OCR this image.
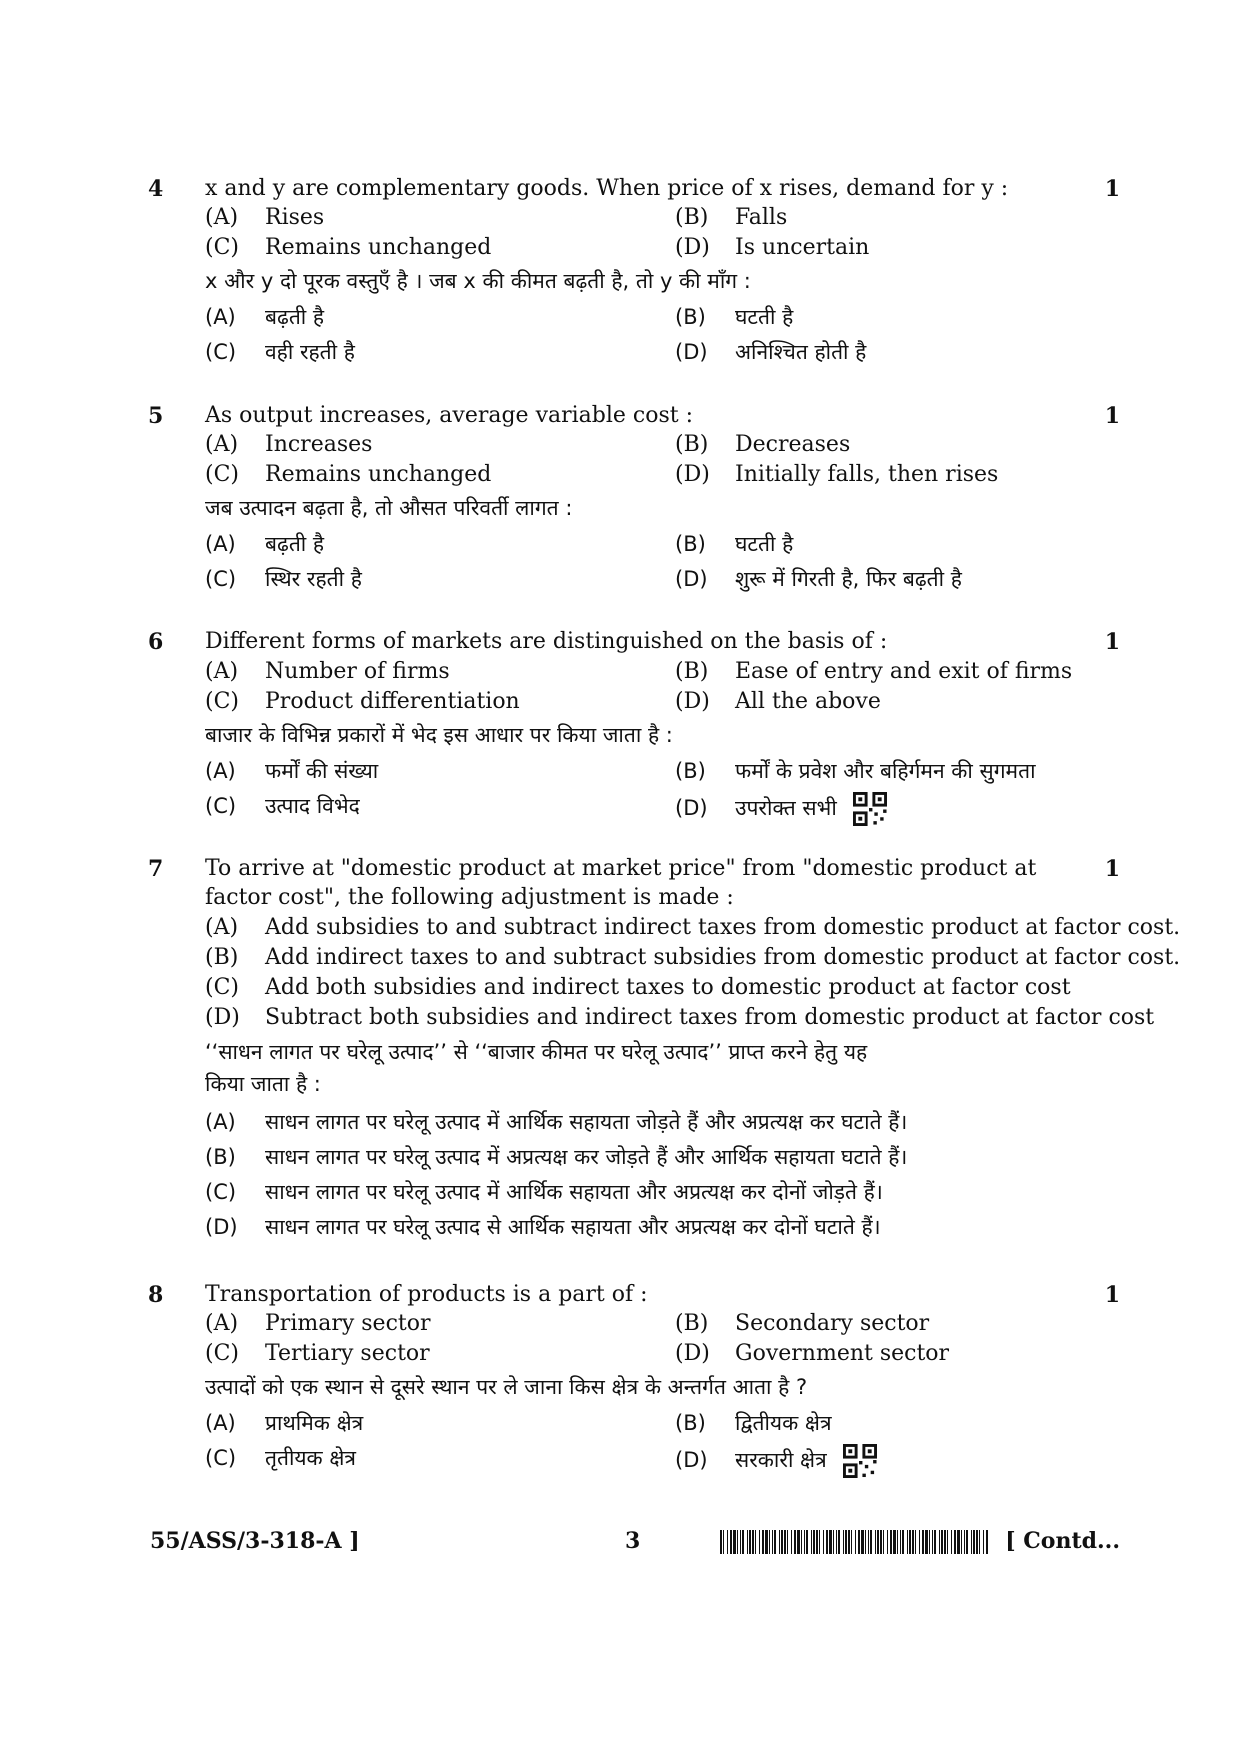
4 x and y are complementary goods. When price of x rises, demand for y :	1
(A) Rises	(B) Falls
(C) Remains unchanged	(D) Is uncertain
x और y दो पूरक वस्तुएँ है । जब x की कीमत बढ़ती है, तो y की माँग :
(A) बढ़ती है	(B) घटती है
(C) वही रहती है	(D) अनिश्चित होती है
5 As output increases, average variable cost :	1
(A) Increases	(B) Decreases
(C) Remains unchanged	(D) Initially falls, then rises
जब उत्पादन बढ़ता है, तो औसत परिवर्ती लागत :
(A) बढ़ती है	(B) घटती है
(C) स्थिर रहती है	(D) शुरू में गिरती है, फिर बढ़ती है
6 Different forms of markets are distinguished on the basis of :	1
(A) Number of firms	(B) Ease of entry and exit of firms
(C) Product differentiation	(D) All the above
बाजार के विभिन्न प्रकारों में भेद इस आधार पर किया जाता है :
(A) फर्मों की संख्या	(B) फर्मों के प्रवेश और बहिर्गमन की सुगमता
(C) उत्पाद विभेद	(D) उपरोक्त सभी
7 To arrive at "domestic product at market price" from "domestic product at	1
factor cost", the following adjustment is made :
(A) Add subsidies to and subtract indirect taxes from domestic product at factor cost.
(B) Add indirect taxes to and subtract subsidies from domestic product at factor cost.
(C) Add both subsidies and indirect taxes to domestic product at factor cost
(D) Subtract both subsidies and indirect taxes from domestic product at factor cost
‘‘साधन लागत पर घरेलू उत्पाद’’ से ‘‘बाजार कीमत पर घरेलू उत्पाद’’ प्राप्त करने हेतु यह
किया जाता है :
(A) साधन लागत पर घरेलू उत्पाद में आर्थिक सहायता जोड़ते हैं और अप्रत्यक्ष कर घटाते हैं।
(B) साधन लागत पर घरेलू उत्पाद में अप्रत्यक्ष कर जोड़ते हैं और आर्थिक सहायता घटाते हैं।
(C) साधन लागत पर घरेलू उत्पाद में आर्थिक सहायता और अप्रत्यक्ष कर दोनों जोड़ते हैं।
(D) साधन लागत पर घरेलू उत्पाद से आर्थिक सहायता और अप्रत्यक्ष कर दोनों घटाते हैं।
8 Transportation of products is a part of :	1
(A) Primary sector	(B) Secondary sector
(C) Tertiary sector	(D) Government sector
उत्पादों को एक स्थान से दूसरे स्थान पर ले जाना किस क्षेत्र के अन्तर्गत आता है ?
(A) प्राथमिक क्षेत्र	(B) द्वितीयक क्षेत्र
(C) तृतीयक क्षेत्र	(D) सरकारी क्षेत्र
55/ASS/3-318-A ]	3	[ Contd...
